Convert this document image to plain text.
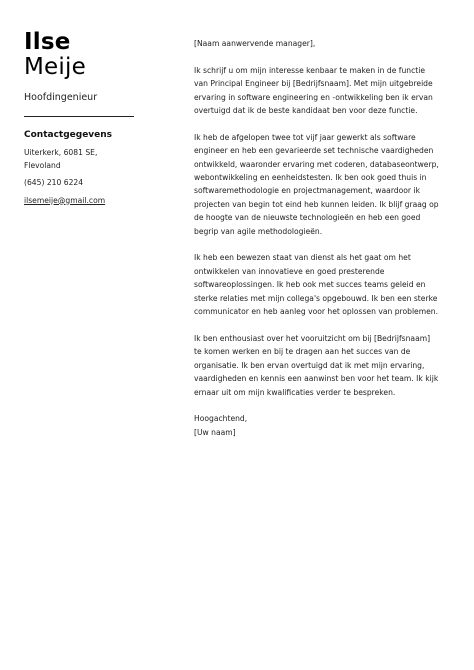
Ilse
Meije
Hoofdingenieur
Contactgegevens
Uiterkerk, 6081 SE,
Flevoland
(645) 210 6224
ilsemeije@gmail.com

[Naam aanwervende manager],

Ik schrijf u om mijn interesse kenbaar te maken in de functie van Principal Engineer bij [Bedrijfsnaam]. Met mijn uitgebreide ervaring in software engineering en -ontwikkeling ben ik ervan overtuigd dat ik de beste kandidaat ben voor deze functie.

Ik heb de afgelopen twee tot vijf jaar gewerkt als software engineer en heb een gevarieerde set technische vaardigheden ontwikkeld, waaronder ervaring met coderen, databaseontwerp, webontwikkeling en eenheidstesten. Ik ben ook goed thuis in softwaremethodologie en projectmanagement, waardoor ik projecten van begin tot eind heb kunnen leiden. Ik blijf graag op de hoogte van de nieuwste technologieën en heb een goed begrip van agile methodologieën.

Ik heb een bewezen staat van dienst als het gaat om het ontwikkelen van innovatieve en goed presterende softwareoplossingen. Ik heb ook met succes teams geleid en sterke relaties met mijn collega's opgebouwd. Ik ben een sterke communicator en heb aanleg voor het oplossen van problemen.

Ik ben enthousiast over het vooruitzicht om bij [Bedrijfsnaam] te komen werken en bij te dragen aan het succes van de organisatie. Ik ben ervan overtuigd dat ik met mijn ervaring, vaardigheden en kennis een aanwinst ben voor het team. Ik kijk ernaar uit om mijn kwalificaties verder te bespreken.

Hoogachtend,

[Uw naam]
